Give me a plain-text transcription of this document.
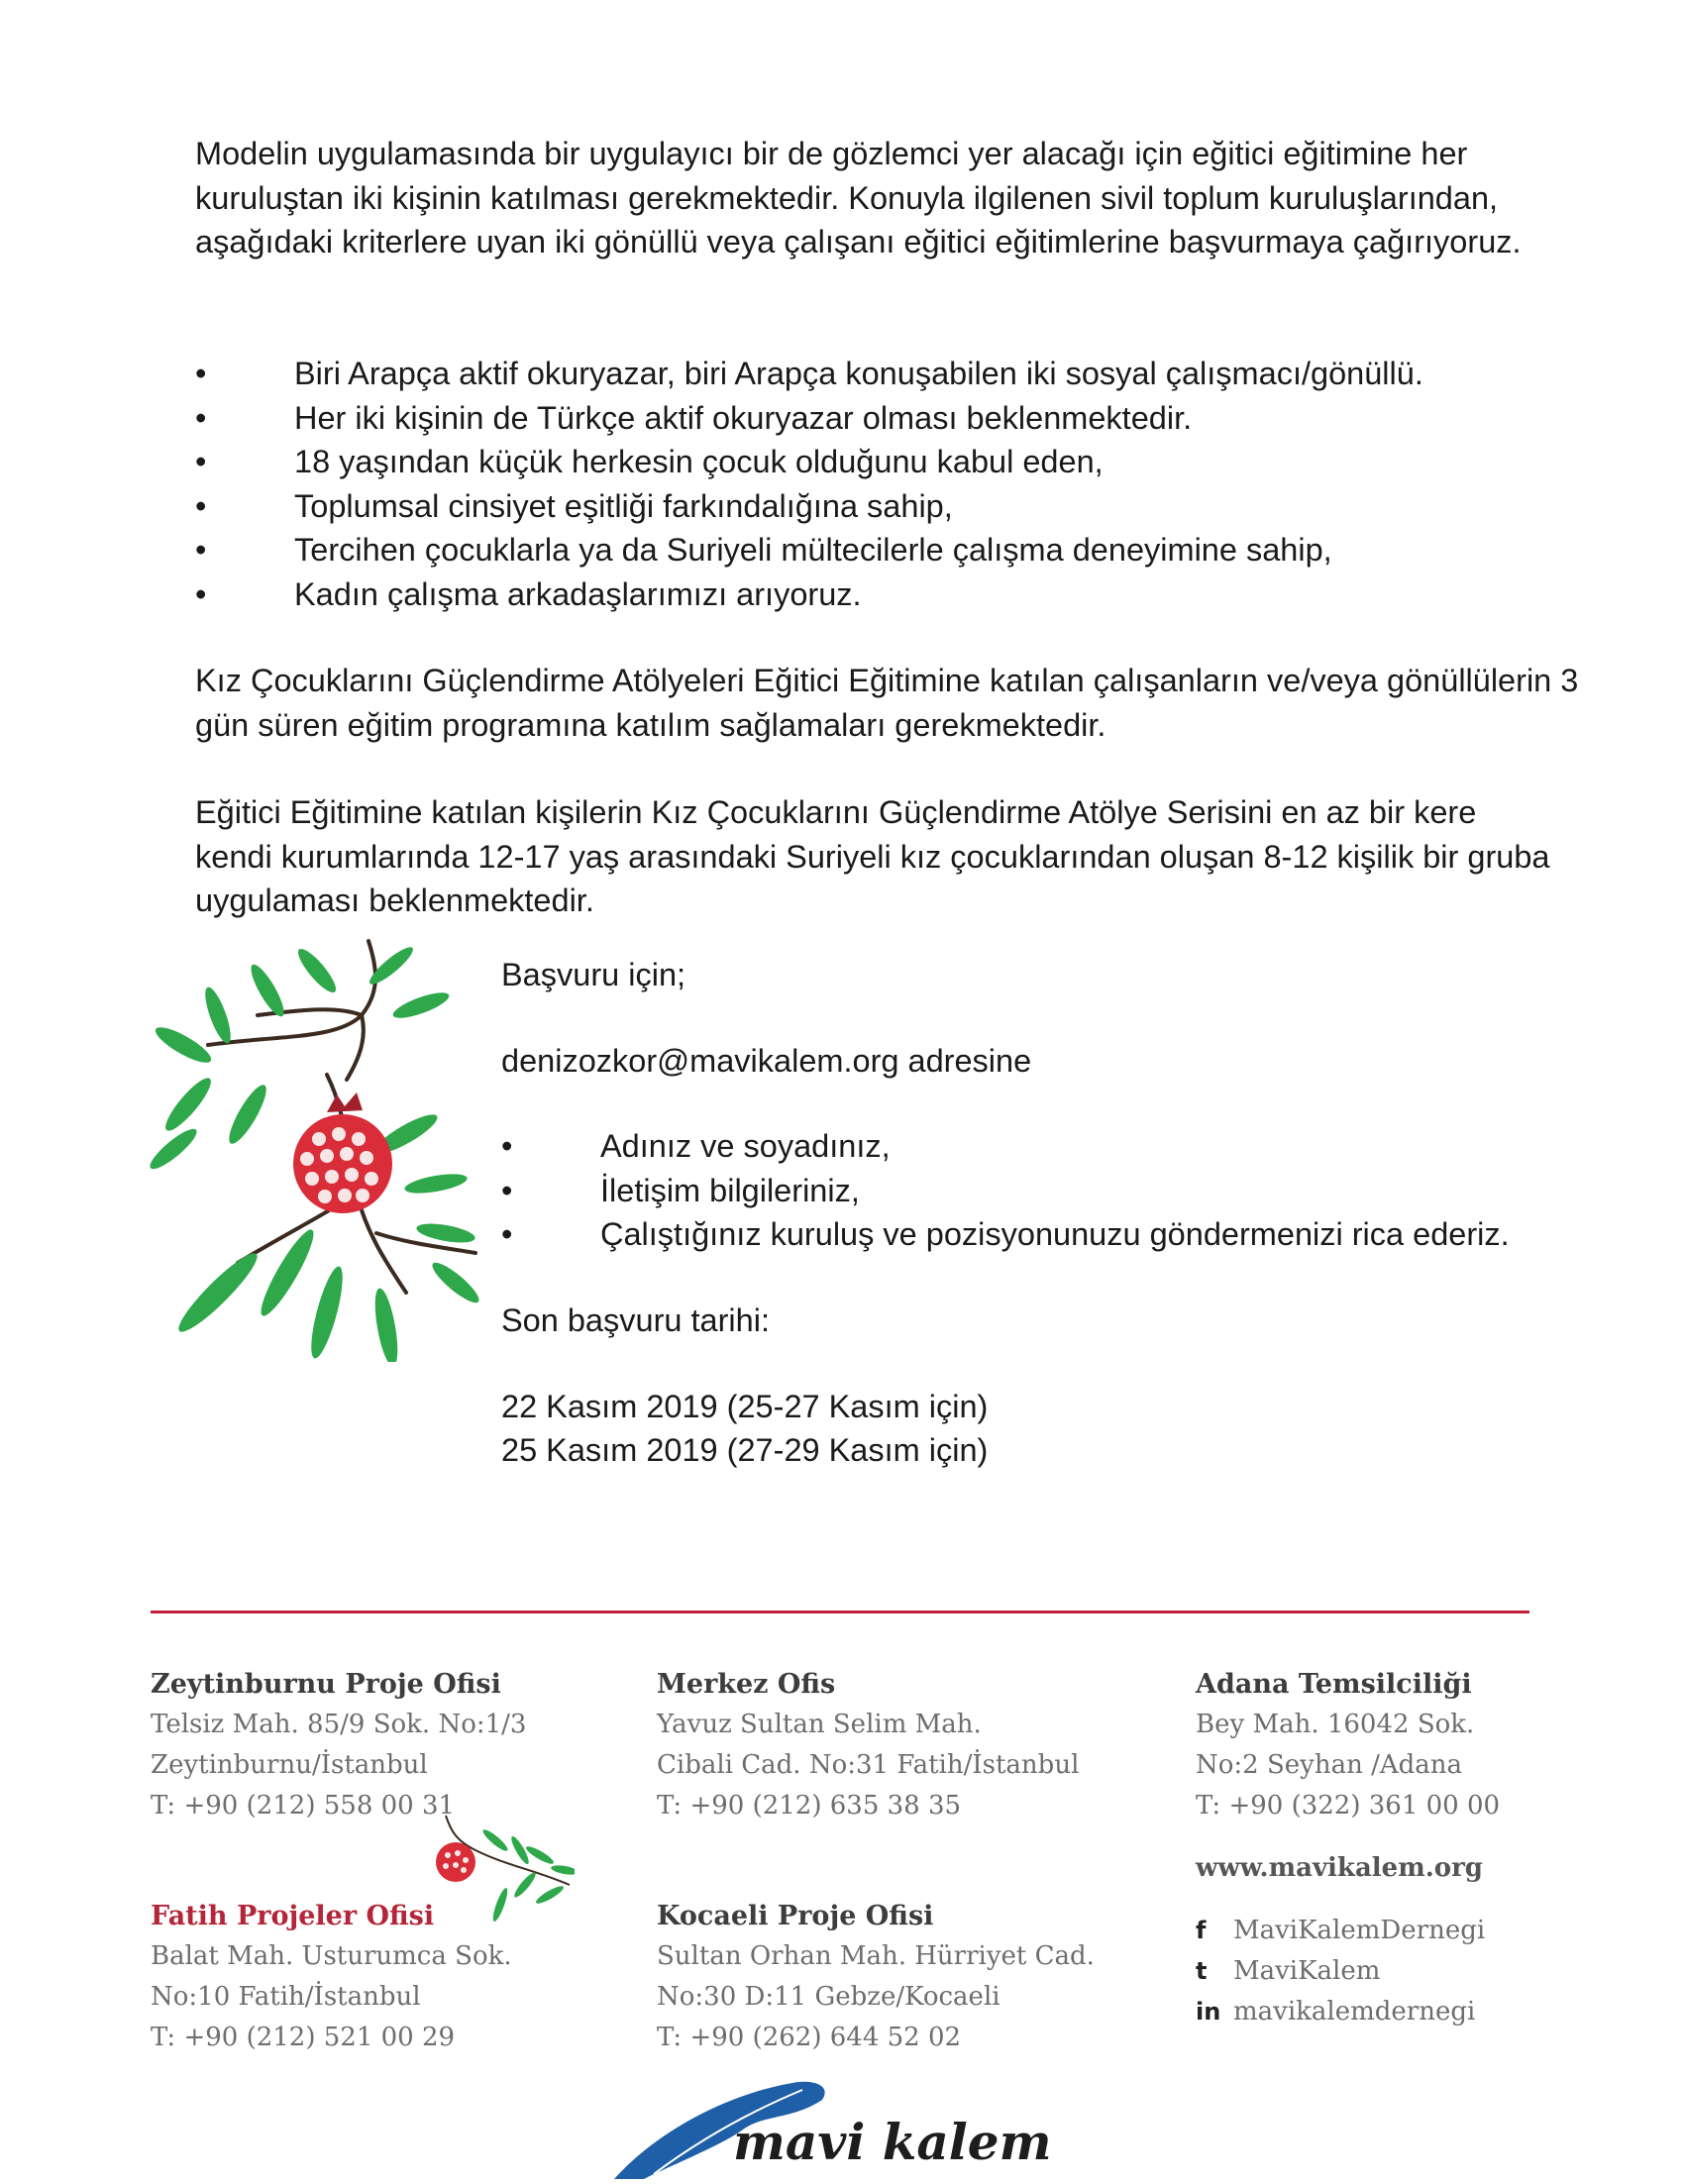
Modelin uygulamasında bir uygulayıcı bir de gözlemci yer alacağı için eğitici eğitimine her kuruluştan iki kişinin katılması gerekmektedir. Konuyla ilgilenen sivil toplum kuruluşlarından, aşağıdaki kriterlere uyan iki gönüllü veya çalışanı eğitici eğitimlerine başvurmaya çağırıyoruz.

• Biri Arapça aktif okuryazar, biri Arapça konuşabilen iki sosyal çalışmacı/gönüllü.
• Her iki kişinin de Türkçe aktif okuryazar olması beklenmektedir.
• 18 yaşından küçük herkesin çocuk olduğunu kabul eden,
• Toplumsal cinsiyet eşitliği farkındalığına sahip,
• Tercihen çocuklarla ya da Suriyeli mültecilerle çalışma deneyimine sahip,
• Kadın çalışma arkadaşlarımızı arıyoruz.

Kız Çocuklarını Güçlendirme Atölyeleri Eğitici Eğitimine katılan çalışanların ve/veya gönüllülerin 3 gün süren eğitim programına katılım sağlamaları gerekmektedir.

Eğitici Eğitimine katılan kişilerin Kız Çocuklarını Güçlendirme Atölye Serisini en az bir kere kendi kurumlarında 12-17 yaş arasındaki Suriyeli kız çocuklarından oluşan 8-12 kişilik bir gruba uygulaması beklenmektedir.

Başvuru için;

denizozkor@mavikalem.org adresine

• Adınız ve soyadınız,
• İletişim bilgileriniz,
• Çalıştığınız kuruluş ve pozisyonunuzu göndermenizi rica ederiz.

Son başvuru tarihi:

22 Kasım 2019 (25-27 Kasım için)

25 Kasım 2019 (27-29 Kasım için)

Zeytinburnu Proje Ofisi
Telsiz Mah. 85/9 Sok. No:1/3
Zeytinburnu/İstanbul
T: +90 (212) 558 00 31
Fatih Projeler Ofisi
Balat Mah. Usturumca Sok.
No:10 Fatih/İstanbul
T: +90 (212) 521 00 29
Merkez Ofis
Yavuz Sultan Selim Mah.
Cibali Cad. No:31 Fatih/İstanbul
T: +90 (212) 635 38 35
Kocaeli Proje Ofisi
Sultan Orhan Mah. Hürriyet Cad.
No:30 D:11 Gebze/Kocaeli
T: +90 (262) 644 52 02
Adana Temsilciliği
Bey Mah. 16042 Sok.
No:2 Seyhan /Adana
T: +90 (322) 361 00 00
www.mavikalem.org
f MaviKalemDernegi
t MaviKalem
in mavikalemdernegi
mavi kalem
